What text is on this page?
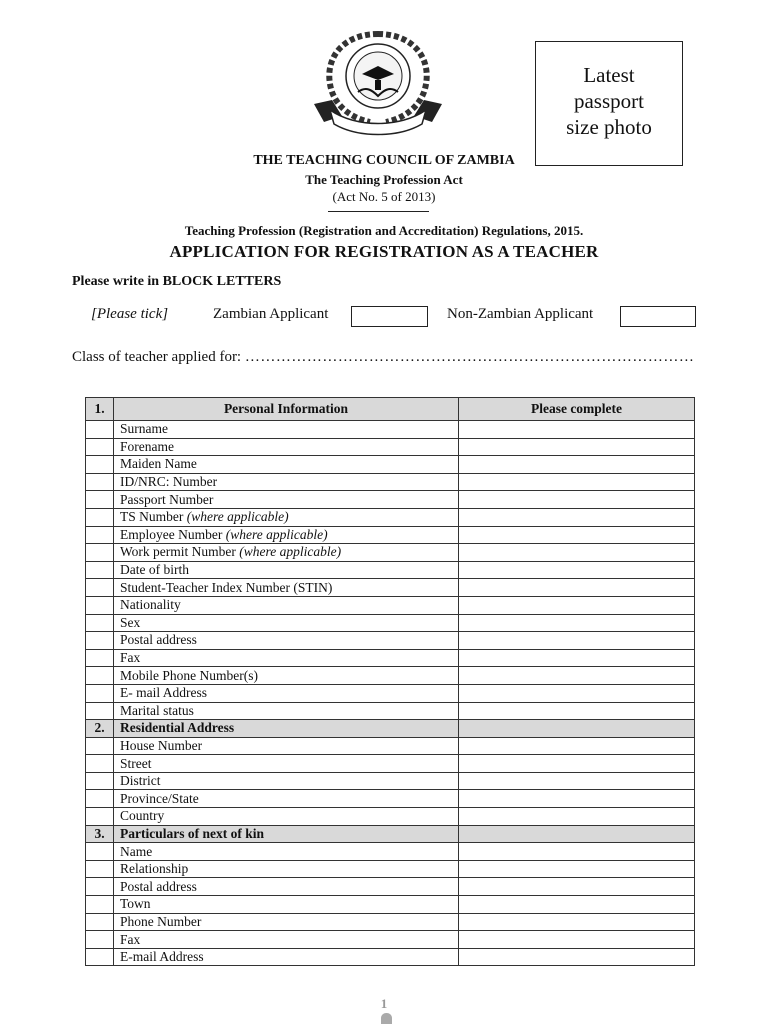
Latest
passport
size photo
THE TEACHING COUNCIL OF ZAMBIA
The Teaching Profession Act
(Act No. 5 of 2013)
Teaching Profession (Registration and Accreditation) Regulations, 2015.
APPLICATION FOR REGISTRATION AS A TEACHER
Please write in BLOCK LETTERS
[Please tick]	Zambian Applicant	Non-Zambian Applicant
Class of teacher applied for: ……………………………………………………………………………
1.	Personal Information	Please complete
	Surname	
	Forename	
	Maiden Name	
	ID/NRC: Number	
	Passport Number	
	TS Number (where applicable)	
	Employee Number (where applicable)	
	Work permit Number (where applicable)	
	Date of birth	
	Student-Teacher Index Number (STIN)	
	Nationality	
	Sex	
	Postal address	
	Fax	
	Mobile Phone Number(s)	
	E- mail Address	
	Marital status	
2.	Residential Address	
	House Number	
	Street	
	District	
	Province/State	
	Country	
3.	Particulars of next of kin	
	Name	
	Relationship	
	Postal address	
	Town	
	Phone Number	
	Fax	
	E-mail Address	
1
